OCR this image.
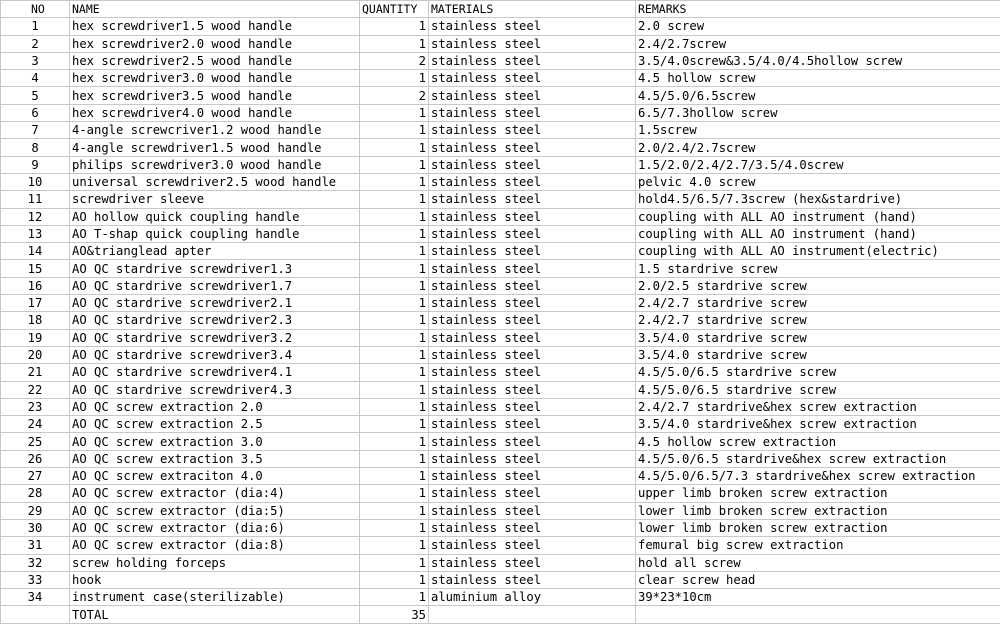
NO	NAME	QUANTITY	MATERIALS	REMARKS
1	hex screwdriver1.5 wood handle	1	stainless steel	2.0 screw
2	hex screwdriver2.0 wood handle	1	stainless steel	2.4/2.7screw
3	hex screwdriver2.5 wood handle	2	stainless steel	3.5/4.0screw&3.5/4.0/4.5hollow screw
4	hex screwdriver3.0 wood handle	1	stainless steel	4.5 hollow screw
5	hex screwdriver3.5 wood handle	2	stainless steel	4.5/5.0/6.5screw
6	hex screwdriver4.0 wood handle	1	stainless steel	6.5/7.3hollow screw
7	4-angle screwcriver1.2 wood handle	1	stainless steel	1.5screw
8	4-angle screwdriver1.5 wood handle	1	stainless steel	2.0/2.4/2.7screw
9	philips screwdriver3.0 wood handle	1	stainless steel	1.5/2.0/2.4/2.7/3.5/4.0screw
10	universal screwdriver2.5 wood handle	1	stainless steel	pelvic 4.0 screw
11	screwdriver sleeve	1	stainless steel	hold4.5/6.5/7.3screw (hex&stardrive)
12	AO hollow quick coupling handle	1	stainless steel	coupling with ALL AO instrument (hand)
13	AO T-shap quick coupling handle	1	stainless steel	coupling with ALL AO instrument (hand)
14	AO&trianglead apter	1	stainless steel	coupling with ALL AO instrument(electric)
15	AO QC stardrive screwdriver1.3	1	stainless steel	1.5 stardrive screw
16	AO QC stardrive screwdriver1.7	1	stainless steel	2.0/2.5 stardrive screw
17	AO QC stardrive screwdriver2.1	1	stainless steel	2.4/2.7 stardrive screw
18	AO QC stardrive screwdriver2.3	1	stainless steel	2.4/2.7 stardrive screw
19	AO QC stardrive screwdriver3.2	1	stainless steel	3.5/4.0 stardrive screw
20	AO QC stardrive screwdriver3.4	1	stainless steel	3.5/4.0 stardrive screw
21	AO QC stardrive screwdriver4.1	1	stainless steel	4.5/5.0/6.5 stardrive screw
22	AO QC stardrive screwdriver4.3	1	stainless steel	4.5/5.0/6.5 stardrive screw
23	AO QC screw extraction 2.0	1	stainless steel	2.4/2.7 stardrive&hex screw extraction
24	AO QC screw extraction 2.5	1	stainless steel	3.5/4.0 stardrive&hex screw extraction
25	AO QC screw extraction 3.0	1	stainless steel	4.5 hollow screw extraction
26	AO QC screw extraction 3.5	1	stainless steel	4.5/5.0/6.5 stardrive&hex screw extraction
27	AO QC screw extraciton 4.0	1	stainless steel	4.5/5.0/6.5/7.3 stardrive&hex screw extraction
28	AO QC screw extractor (dia:4)	1	stainless steel	upper limb broken screw extraction
29	AO QC screw extractor (dia:5)	1	stainless steel	lower limb broken screw extraction
30	AO QC screw extractor (dia:6)	1	stainless steel	lower limb broken screw extraction
31	AO QC screw extractor (dia:8)	1	stainless steel	femural big screw extraction
32	screw holding forceps	1	stainless steel	hold all screw
33	hook	1	stainless steel	clear screw head
34	instrument case(sterilizable)	1	aluminium alloy	39*23*10cm
	TOTAL	35		
